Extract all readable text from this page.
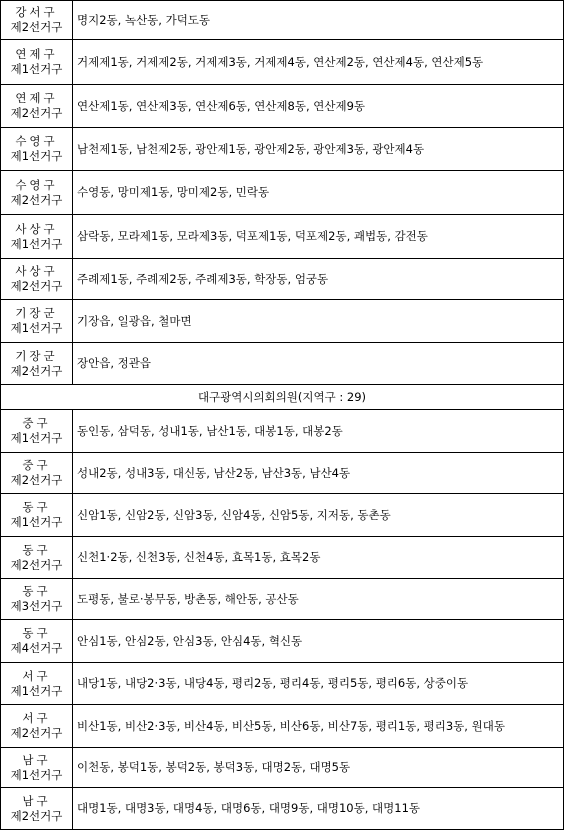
강서구
제2선거구	명지2동, 녹산동, 가덕도동

연제구
제1선거구	거제제1동, 거제제2동, 거제제3동, 거제제4동, 연산제2동, 연산제4동, 연산제5동

연제구
제2선거구	연산제1동, 연산제3동, 연산제6동, 연산제8동, 연산제9동

수영구
제1선거구	남천제1동, 남천제2동, 광안제1동, 광안제2동, 광안제3동, 광안제4동

수영구
제2선거구	수영동, 망미제1동, 망미제2동, 민락동

사상구
제1선거구	삼락동, 모라제1동, 모라제3동, 덕포제1동, 덕포제2동, 괘법동, 감전동

사상구
제2선거구	주례제1동, 주례제2동, 주례제3동, 학장동, 엄궁동

기장군
제1선거구	기장읍, 일광읍, 철마면

기장군
제2선거구	장안읍, 정관읍
대구광역시의회의원(지역구 : 29)	

중구
제1선거구	동인동, 삼덕동, 성내1동, 남산1동, 대봉1동, 대봉2동

중구
제2선거구	성내2동, 성내3동, 대신동, 남산2동, 남산3동, 남산4동

동구
제1선거구	신암1동, 신암2동, 신암3동, 신암4동, 신암5동, 지저동, 동촌동

동구
제2선거구	신천1·2동, 신천3동, 신천4동, 효목1동, 효목2동

동구
제3선거구	도평동, 불로·봉무동, 방촌동, 해안동, 공산동

동구
제4선거구	안심1동, 안심2동, 안심3동, 안심4동, 혁신동

서구
제1선거구	내당1동, 내당2·3동, 내당4동, 평리2동, 평리4동, 평리5동, 평리6동, 상중이동

서구
제2선거구	비산1동, 비산2·3동, 비산4동, 비산5동, 비산6동, 비산7동, 평리1동, 평리3동, 원대동

남구
제1선거구	이천동, 봉덕1동, 봉덕2동, 봉덕3동, 대명2동, 대명5동

남구
제2선거구	대명1동, 대명3동, 대명4동, 대명6동, 대명9동, 대명10동, 대명11동
